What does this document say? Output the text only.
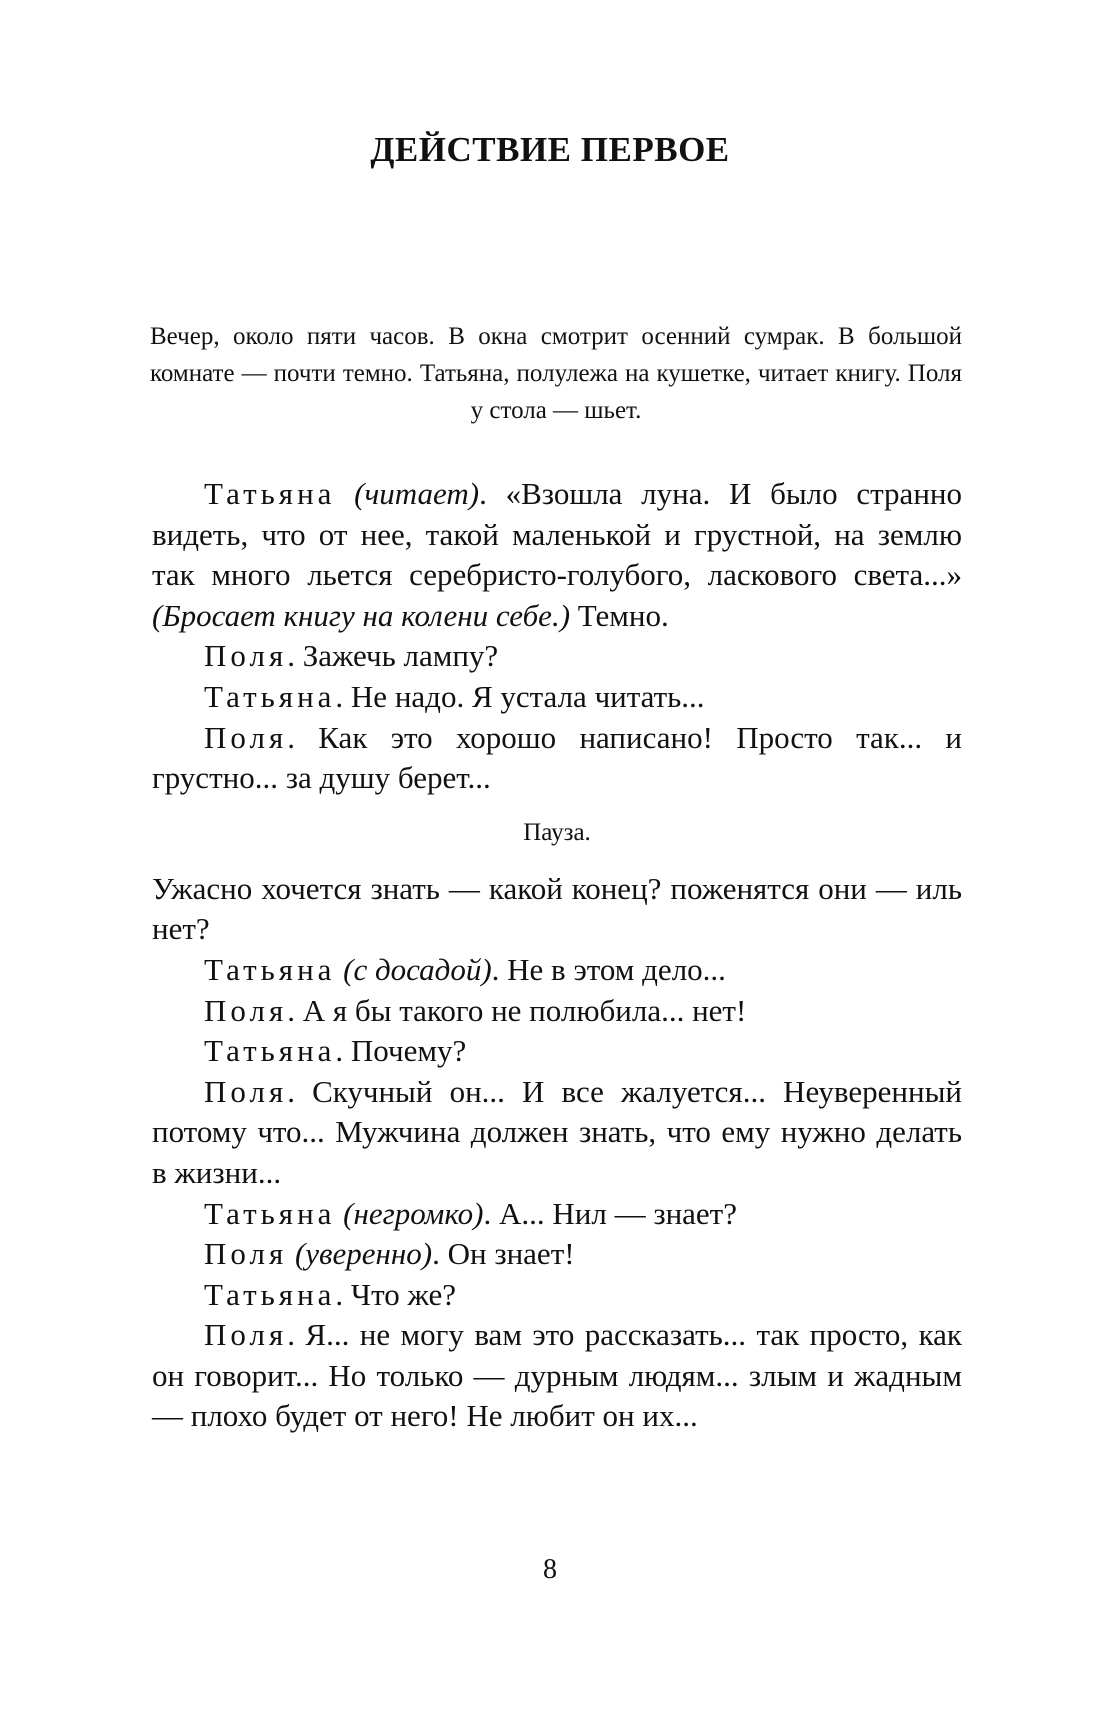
ДЕЙСТВИЕ ПЕРВОЕ

Вечер, около пяти часов. В окна смотрит осенний сумрак. В большой комнате — почти темно. Татьяна, полулежа на кушетке, читает книгу. Поля у стола — шьет.

Татьяна (читает). «Взошла луна. И было странно видеть, что от нее, такой маленькой и грустной, на землю так много льется серебристо-голубого, ласкового света...» (Бросает книгу на колени себе.) Темно.

Поля. Зажечь лампу?

Татьяна. Не надо. Я устала читать...

Поля. Как это хорошо написано! Просто так... и грустно... за душу берет...

Пауза.

Ужасно хочется знать — какой конец? поженятся они — иль нет?

Татьяна (с досадой). Не в этом дело...

Поля. А я бы такого не полюбила... нет!

Татьяна. Почему?

Поля. Скучный он... И все жалуется... Неуверенный потому что... Мужчина должен знать, что ему нужно делать в жизни...

Татьяна (негромко). А... Нил — знает?

Поля (уверенно). Он знает!

Татьяна. Что же?

Поля. Я... не могу вам это рассказать... так просто, как он говорит... Но только — дурным людям... злым и жадным — плохо будет от него! Не любит он их...

8
